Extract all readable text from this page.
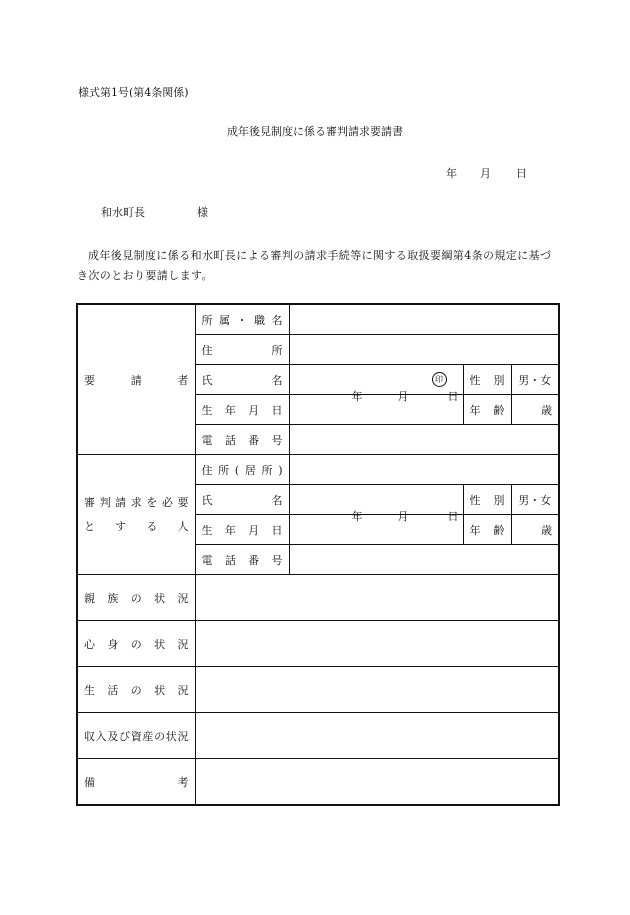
様式第1号(第4条関係)
成年後見制度に係る審判請求要請書
年 月 日
和水町長	様
成年後見制度に係る和水町長による審判の請求手続等に関する取扱要綱第4条の規定に基づき次のとおり要請します。
要請者	所属・職名			

	住所			

	氏名	印	性別	男・女

	生年月日	年 月 日	年齢	歳

	電話番号			

審判請求を必要
とする人	住所(居所)			

	氏名		性別	男・女

	生年月日	年 月 日	年齢	歳

	電話番号			

親族の状況				

心身の状況				

生活の状況				

収入及び資産の状況				

備考				
